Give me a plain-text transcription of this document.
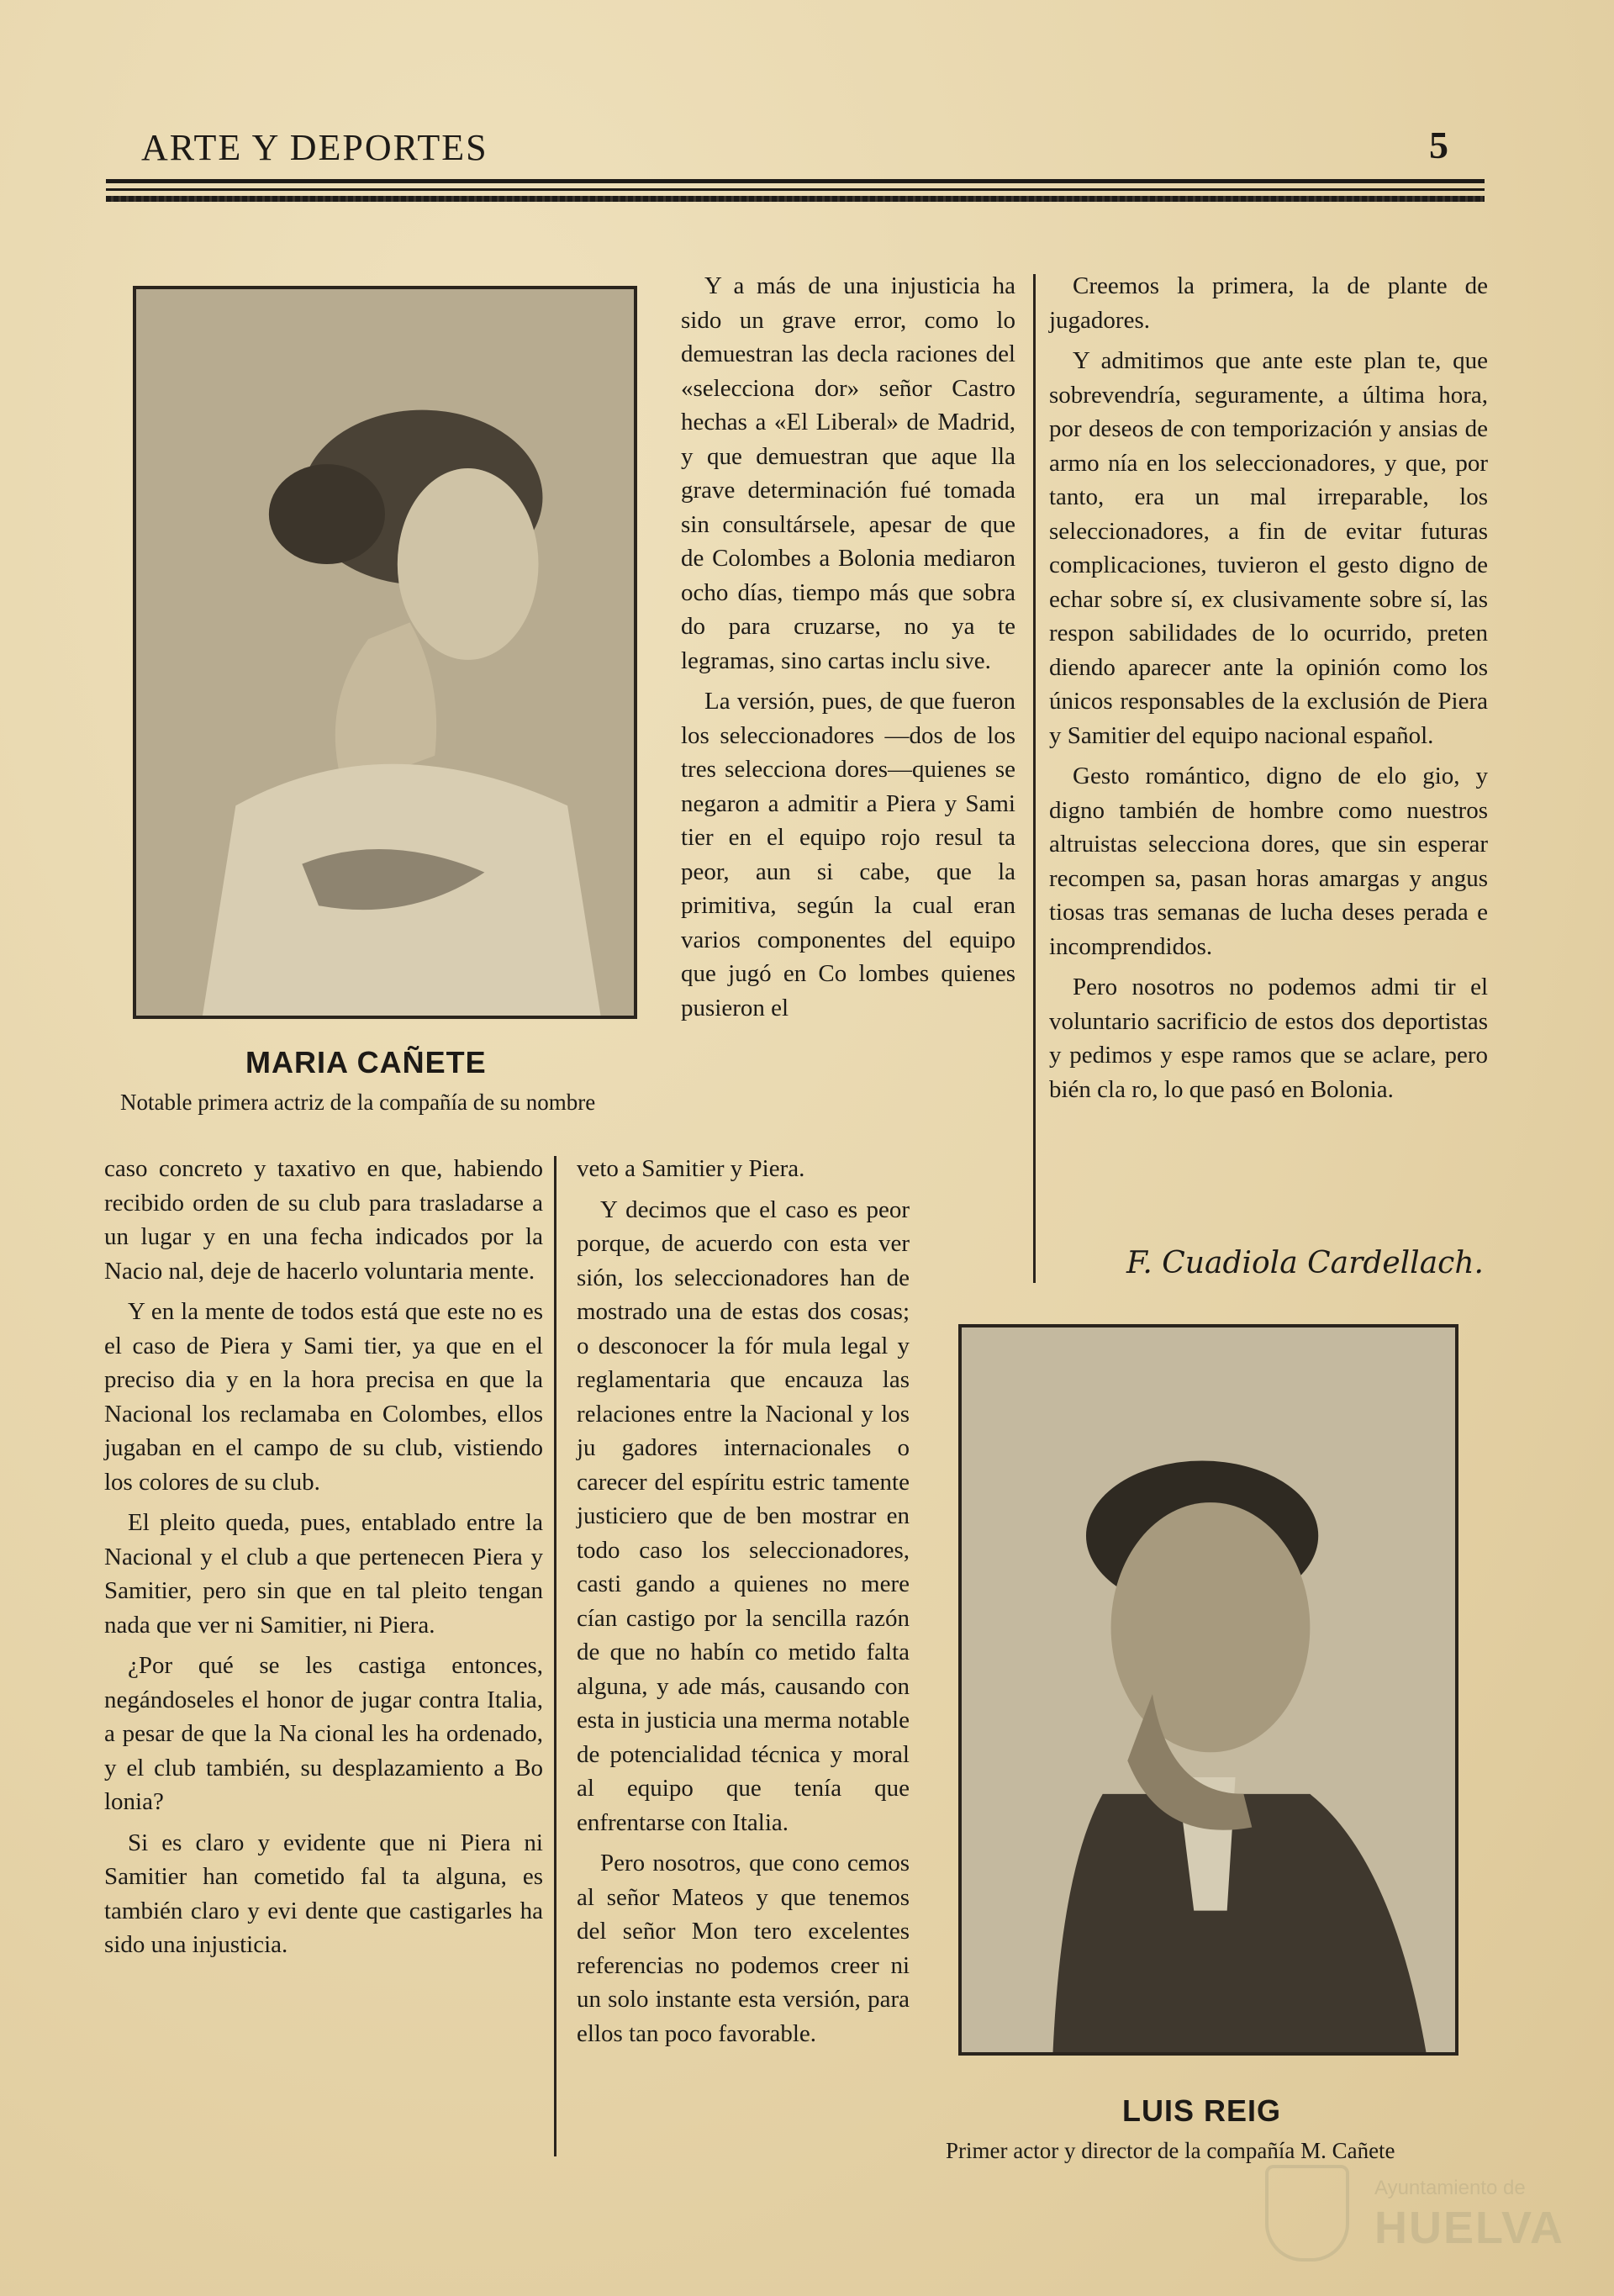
ARTE Y DEPORTES	5
MARIA CAÑETE
Notable primera actriz de la compañía de su nombre

Y a más de una injusticia ha sido un grave error, como lo demuestran las decla raciones del «selecciona dor» señor Castro hechas a «El Liberal» de Madrid, y que demuestran que aque lla grave determinación fué tomada sin consultársele, apesar de que de Colombes a Bolonia mediaron ocho días, tiempo más que sobra do para cruzarse, no ya te legramas, sino cartas inclu sive.

La versión, pues, de que fueron los seleccionadores —dos de los tres selecciona dores—quienes se negaron a admitir a Piera y Sami tier en el equipo rojo resul ta peor, aun si cabe, que la primitiva, según la cual eran varios componentes del equipo que jugó en Co lombes quienes pusieron el

Creemos la primera, la de plante de jugadores.

Y admitimos que ante este plan te, que sobrevendría, seguramente, a última hora, por deseos de con temporización y ansias de armo nía en los seleccionadores, y que, por tanto, era un mal irreparable, los seleccionadores, a fin de evitar futuras complicaciones, tuvieron el gesto digno de echar sobre sí, ex clusivamente sobre sí, las respon sabilidades de lo ocurrido, preten diendo aparecer ante la opinión como los únicos responsables de la exclusión de Piera y Samitier del equipo nacional español.

Gesto romántico, digno de elo gio, y digno también de hombre como nuestros altruistas selecciona dores, que sin esperar recompen sa, pasan horas amargas y angus tiosas tras semanas de lucha deses perada e incomprendidos.

Pero nosotros no podemos admi tir el voluntario sacrificio de estos dos deportistas y pedimos y espe ramos que se aclare, pero bién cla ro, lo que pasó en Bolonia.

F. Cuadiola Cardellach.

caso concreto y taxativo en que, habiendo recibido orden de su club para trasladarse a un lugar y en una fecha indicados por la Nacio nal, deje de hacerlo voluntaria mente.

Y en la mente de todos está que este no es el caso de Piera y Sami tier, ya que en el preciso dia y en la hora precisa en que la Nacional los reclamaba en Colombes, ellos jugaban en el campo de su club, vistiendo los colores de su club.

El pleito queda, pues, entablado entre la Nacional y el club a que pertenecen Piera y Samitier, pero sin que en tal pleito tengan nada que ver ni Samitier, ni Piera.

¿Por qué se les castiga entonces, negándoseles el honor de jugar contra Italia, a pesar de que la Na cional les ha ordenado, y el club también, su desplazamiento a Bo lonia?

Si es claro y evidente que ni Piera ni Samitier han cometido fal ta alguna, es también claro y evi dente que castigarles ha sido una injusticia.

veto a Samitier y Piera.

Y decimos que el caso es peor porque, de acuerdo con esta ver sión, los seleccionadores han de mostrado una de estas dos cosas; o desconocer la fór mula legal y reglamentaria que encauza las relaciones entre la Nacional y los ju gadores internacionales o carecer del espíritu estric tamente justiciero que de ben mostrar en todo caso los seleccionadores, casti gando a quienes no mere cían castigo por la sencilla razón de que no habín co metido falta alguna, y ade más, causando con esta in justicia una merma notable de potencialidad técnica y moral al equipo que tenía que enfrentarse con Italia.

Pero nosotros, que cono cemos al señor Mateos y que tenemos del señor Mon tero excelentes referencias no podemos creer ni un solo instante esta versión, para ellos tan poco favorable.

LUIS REIG
Primer actor y director de la compañía M. Cañete
Ayuntamiento de
HUELVA
